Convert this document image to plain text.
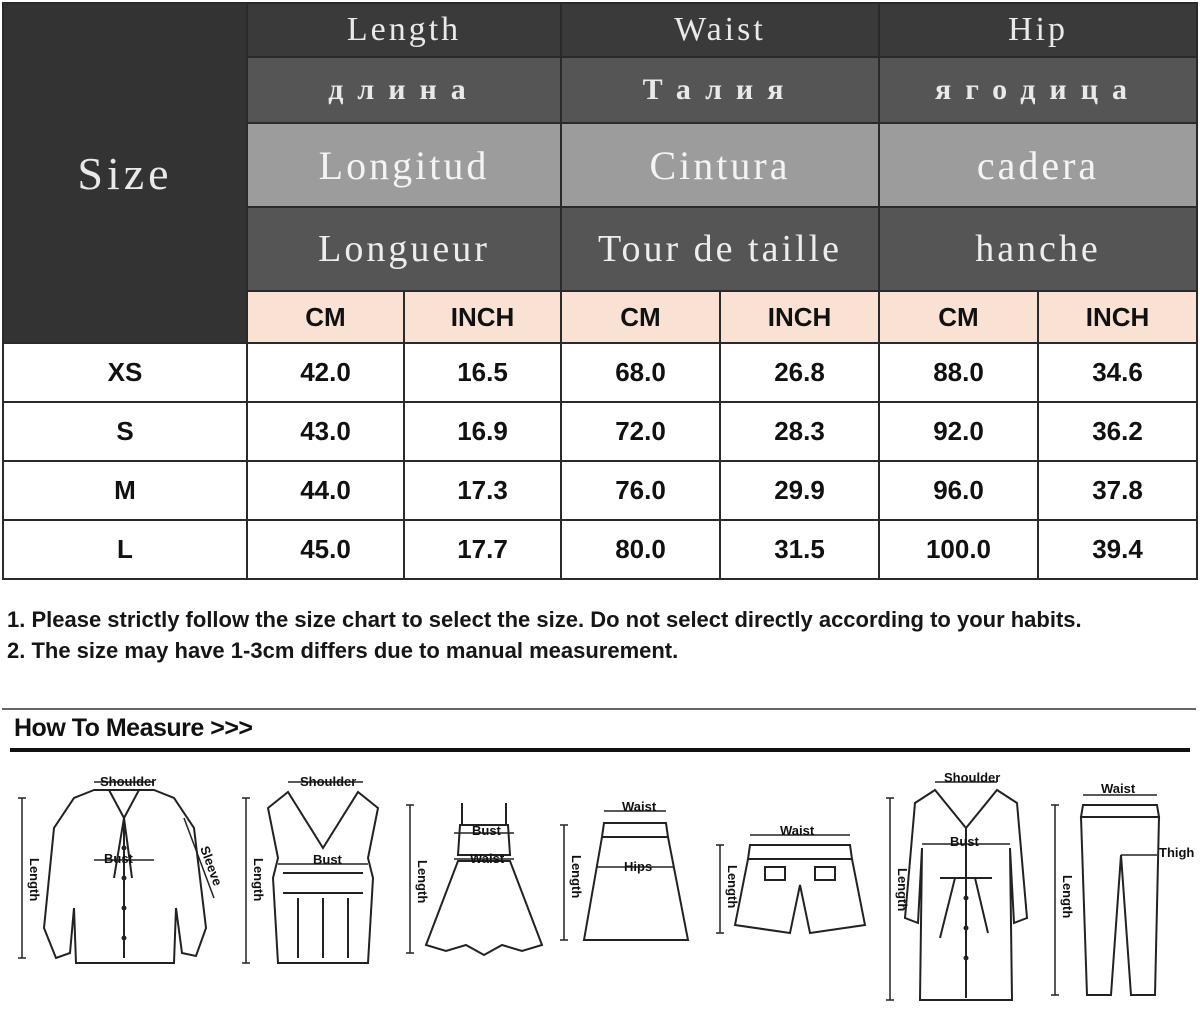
Size	Length		Waist		Hip	
	длина		Талия		ягодица	
	Longitud		Cintura		cadera	
	Longueur		Tour de taille		hanche	
	CM	INCH	CM	INCH	CM	INCH
XS	42.0	16.5	68.0	26.8	88.0	34.6
S	43.0	16.9	72.0	28.3	92.0	36.2
M	44.0	17.3	76.0	29.9	96.0	37.8
L	45.0	17.7	80.0	31.5	100.0	39.4

1. Please strictly follow the size chart to select the size. Do not select directly according to your habits.

2. The size may have 1-3cm differs due to manual measurement.

How To Measure >>>
Shoulder
Bust	Sleeve
Length
Shoulder
Bust
Length
Bust
Waist
Length
Waist
Hips
Length
Waist
Length
Shoulder
Bust
Length
Waist
Thigh
Length
